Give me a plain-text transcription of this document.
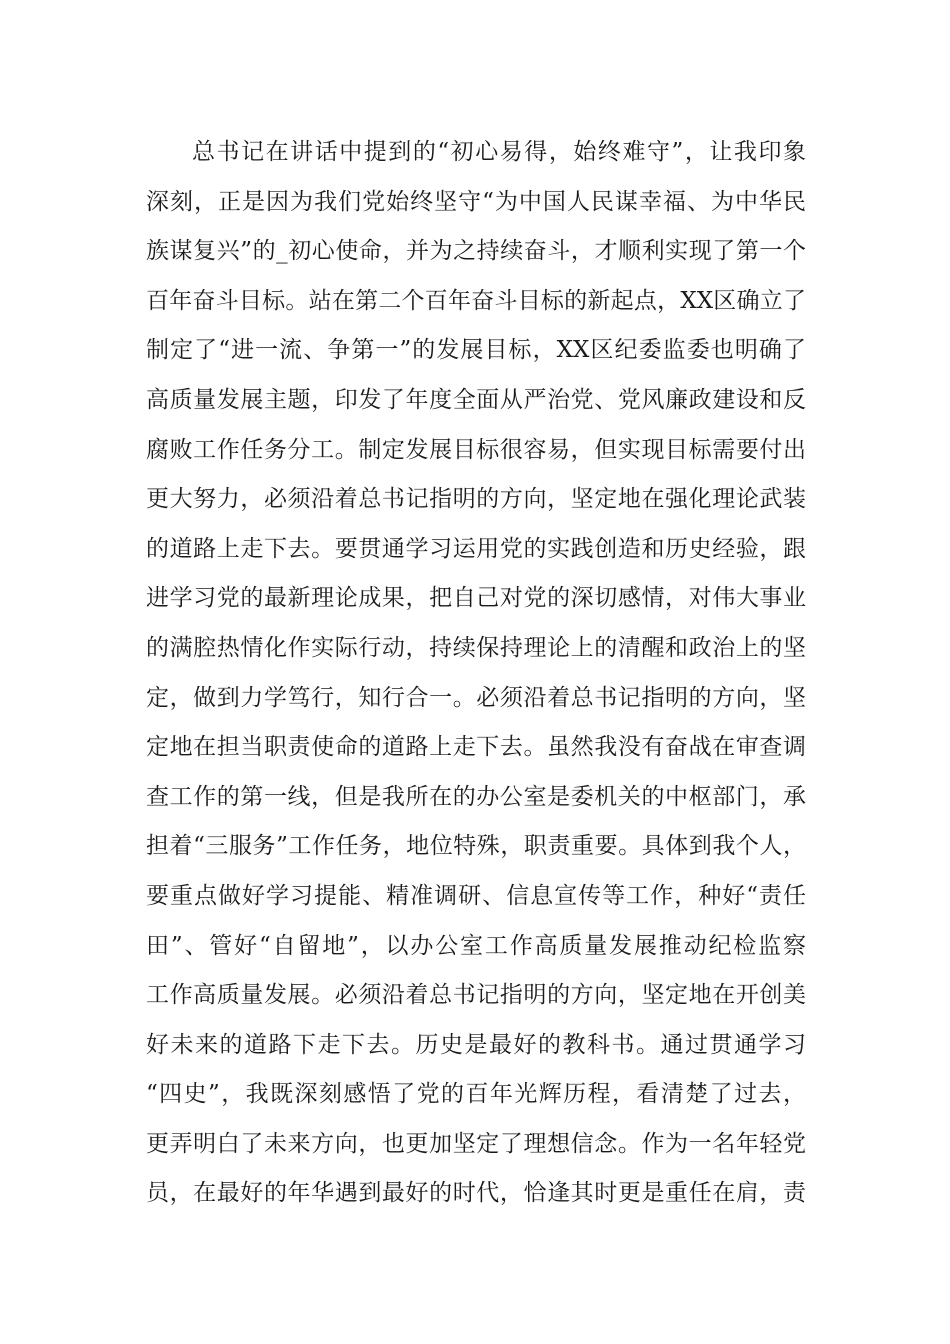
总书记在讲话中提到的“初心易得，始终难守”，让我印象
深刻，正是因为我们党始终坚守“为中国人民谋幸福、为中华民
族谋复兴”的_初心使命，并为之持续奋斗，才顺利实现了第一个
百年奋斗目标。站在第二个百年奋斗目标的新起点，XX区确立了
制定了“进一流、争第一”的发展目标，XX区纪委监委也明确了
高质量发展主题，印发了年度全面从严治党、党风廉政建设和反
腐败工作任务分工。制定发展目标很容易，但实现目标需要付出
更大努力，必须沿着总书记指明的方向，坚定地在强化理论武装
的道路上走下去。要贯通学习运用党的实践创造和历史经验，跟
进学习党的最新理论成果，把自己对党的深切感情，对伟大事业
的满腔热情化作实际行动，持续保持理论上的清醒和政治上的坚
定，做到力学笃行，知行合一。必须沿着总书记指明的方向，坚
定地在担当职责使命的道路上走下去。虽然我没有奋战在审查调
查工作的第一线，但是我所在的办公室是委机关的中枢部门，承
担着“三服务”工作任务，地位特殊，职责重要。具体到我个人，
要重点做好学习提能、精准调研、信息宣传等工作，种好“责任
田”、管好“自留地”，以办公室工作高质量发展推动纪检监察
工作高质量发展。必须沿着总书记指明的方向，坚定地在开创美
好未来的道路下走下去。历史是最好的教科书。通过贯通学习
“四史”，我既深刻感悟了党的百年光辉历程，看清楚了过去，
更弄明白了未来方向，也更加坚定了理想信念。作为一名年轻党
员，在最好的年华遇到最好的时代，恰逢其时更是重任在肩，责
